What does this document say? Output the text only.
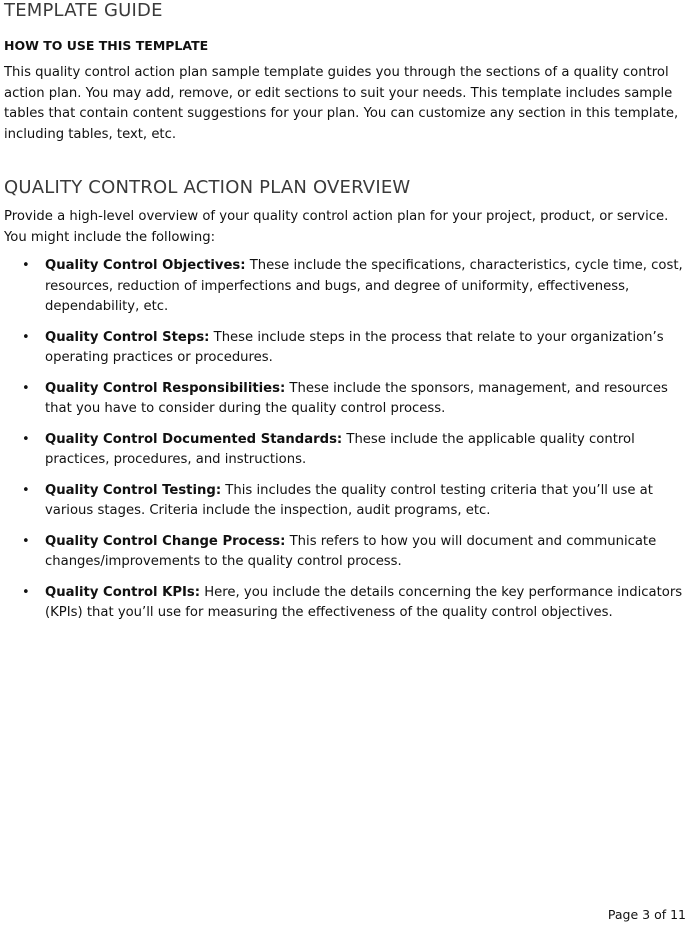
TEMPLATE GUIDE
HOW TO USE THIS TEMPLATE

This quality control action plan sample template guides you through the sections of a quality control action plan. You may add, remove, or edit sections to suit your needs. This template includes sample tables that contain content suggestions for your plan. You can customize any section in this template, including tables, text, etc.

QUALITY CONTROL ACTION PLAN OVERVIEW

Provide a high-level overview of your quality control action plan for your project, product, or service. You might include the following:

• Quality Control Objectives: These include the specifications, characteristics, cycle time, cost, resources, reduction of imperfections and bugs, and degree of uniformity, effectiveness, dependability, etc.
• Quality Control Steps: These include steps in the process that relate to your organization’s operating practices or procedures.
• Quality Control Responsibilities: These include the sponsors, management, and resources that you have to consider during the quality control process.
• Quality Control Documented Standards: These include the applicable quality control practices, procedures, and instructions.
• Quality Control Testing: This includes the quality control testing criteria that you’ll use at various stages. Criteria include the inspection, audit programs, etc.
• Quality Control Change Process: This refers to how you will document and communicate changes/improvements to the quality control process.
• Quality Control KPIs: Here, you include the details concerning the key performance indicators (KPIs) that you’ll use for measuring the effectiveness of the quality control objectives.
Page 3 of 11
